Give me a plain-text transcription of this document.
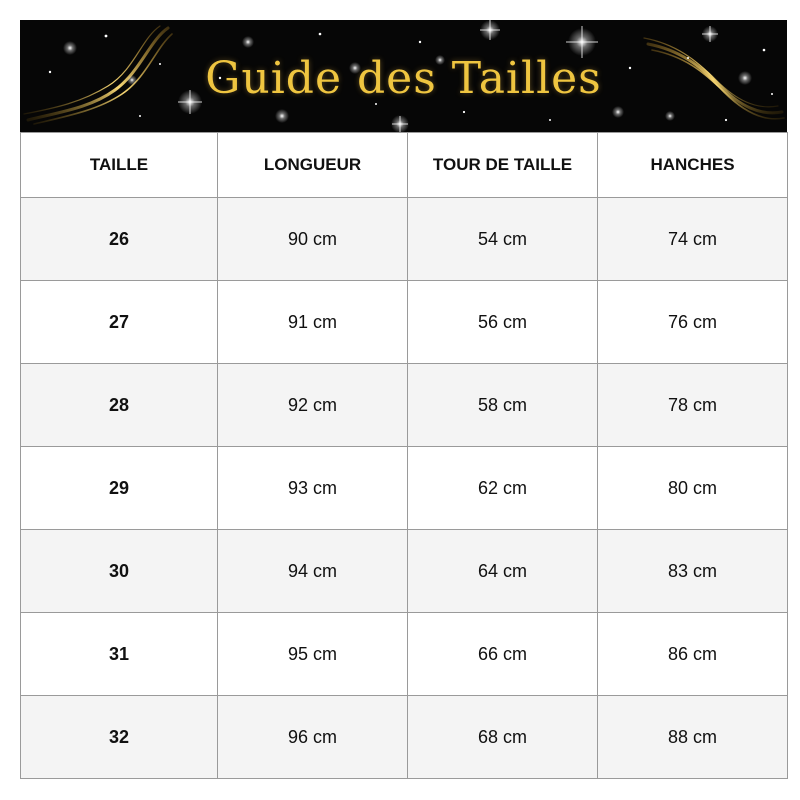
Guide des Tailles
TAILLE	LONGUEUR	TOUR DE TAILLE	HANCHES
26	90 cm	54 cm	74 cm
27	91 cm	56 cm	76 cm
28	92 cm	58 cm	78 cm
29	93 cm	62 cm	80 cm
30	94 cm	64 cm	83 cm
31	95 cm	66 cm	86 cm
32	96 cm	68 cm	88 cm
